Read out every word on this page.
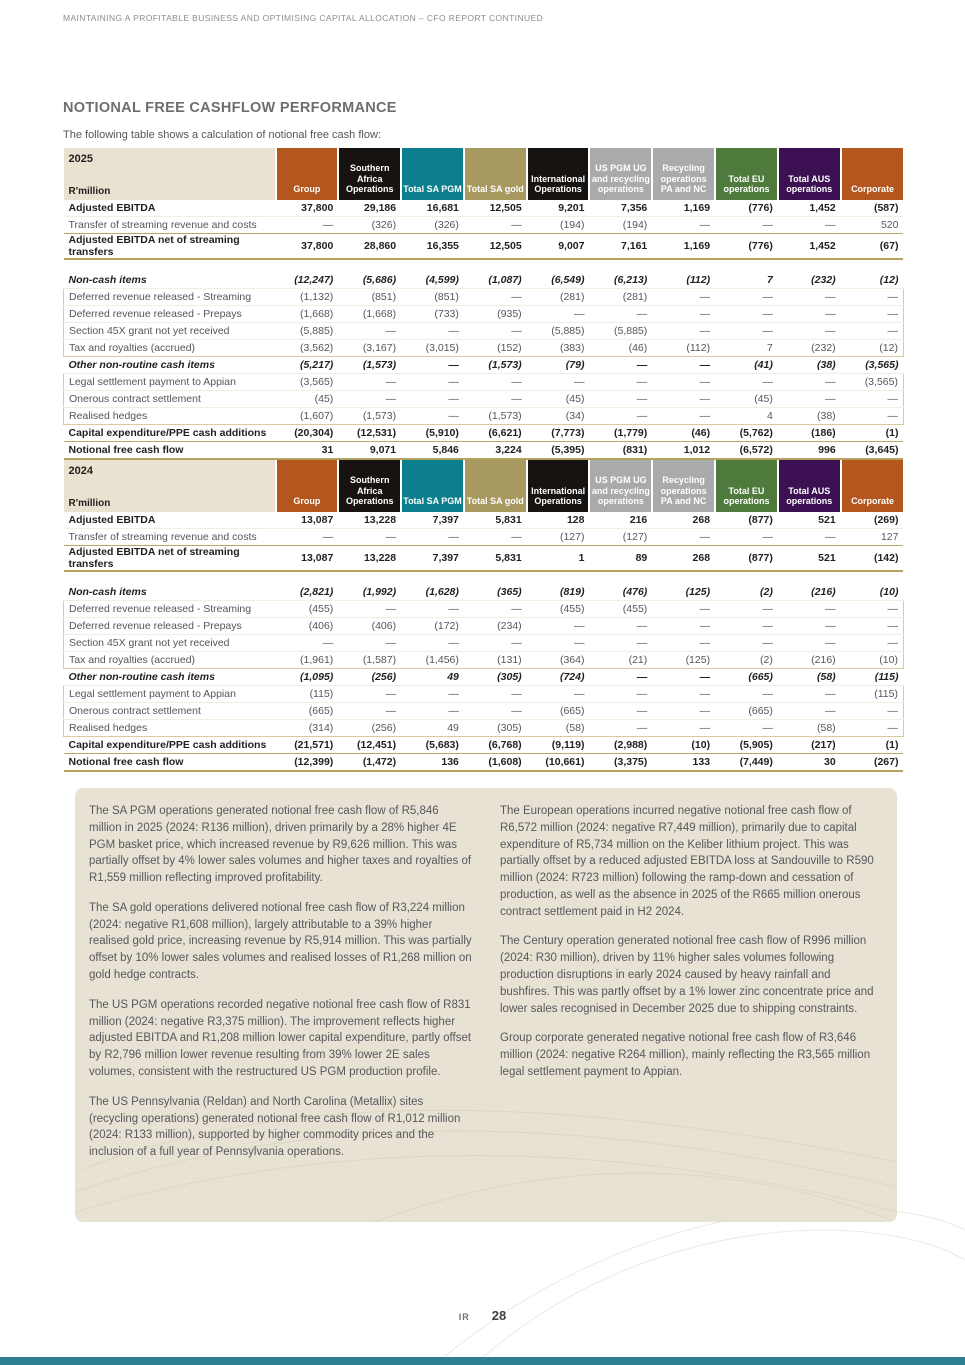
MAINTAINING A PROFITABLE BUSINESS AND OPTIMISING CAPITAL ALLOCATION – CFO REPORT CONTINUED
NOTIONAL FREE CASHFLOW PERFORMANCE
The following table shows a calculation of notional free cash flow:
2025
R'million	Group	Southern Africa Operations	Total SA PGM	Total SA gold	International Operations	US PGM UG and recycling operations	Recycling operations PA and NC	Total EU operations	Total AUS operations	Corporate

Adjusted EBITDA	37,800	29,186	16,681	12,505	9,201	7,356	1,169	(776)	1,452	(587)
Transfer of streaming revenue and costs	—	(326)	(326)	—	(194)	(194)	—	—	—	520
Adjusted EBITDA net of streaming transfers	37,800	28,860	16,355	12,505	9,007	7,161	1,169	(776)	1,452	(67)

Non-cash items	(12,247)	(5,686)	(4,599)	(1,087)	(6,549)	(6,213)	(112)	7	(232)	(12)
Deferred revenue released - Streaming	(1,132)	(851)	(851)	—	(281)	(281)	—	—	—	—
Deferred revenue released - Prepays	(1,668)	(1,668)	(733)	(935)	—	—	—	—	—	—
Section 45X grant not yet received	(5,885)	—	—	—	(5,885)	(5,885)	—	—	—	—
Tax and royalties (accrued)	(3,562)	(3,167)	(3,015)	(152)	(383)	(46)	(112)	7	(232)	(12)
Other non-routine cash items	(5,217)	(1,573)	—	(1,573)	(79)	—	—	(41)	(38)	(3,565)
Legal settlement payment to Appian	(3,565)	—	—	—	—	—	—	—	—	(3,565)
Onerous contract settlement	(45)	—	—	—	(45)	—	—	(45)	—	—
Realised hedges	(1,607)	(1,573)	—	(1,573)	(34)	—	—	4	(38)	—
Capital expenditure/PPE cash additions	(20,304)	(12,531)	(5,910)	(6,621)	(7,773)	(1,779)	(46)	(5,762)	(186)	(1)
Notional free cash flow	31	9,071	5,846	3,224	(5,395)	(831)	1,012	(6,572)	996	(3,645)
2024
R'million	Group	Southern Africa Operations	Total SA PGM	Total SA gold	International Operations	US PGM UG and recycling operations	Recycling operations PA and NC	Total EU operations	Total AUS operations	Corporate

Adjusted EBITDA	13,087	13,228	7,397	5,831	128	216	268	(877)	521	(269)
Transfer of streaming revenue and costs	—	—	—	—	(127)	(127)	—	—	—	127
Adjusted EBITDA net of streaming transfers	13,087	13,228	7,397	5,831	1	89	268	(877)	521	(142)

Non-cash items	(2,821)	(1,992)	(1,628)	(365)	(819)	(476)	(125)	(2)	(216)	(10)
Deferred revenue released - Streaming	(455)	—	—	—	(455)	(455)	—	—	—	—
Deferred revenue released - Prepays	(406)	(406)	(172)	(234)	—	—	—	—	—	—
Section 45X grant not yet received	—	—	—	—	—	—	—	—	—	—
Tax and royalties (accrued)	(1,961)	(1,587)	(1,456)	(131)	(364)	(21)	(125)	(2)	(216)	(10)
Other non-routine cash items	(1,095)	(256)	49	(305)	(724)	—	—	(665)	(58)	(115)
Legal settlement payment to Appian	(115)	—	—	—	—	—	—	—	—	(115)
Onerous contract settlement	(665)	—	—	—	(665)	—	—	(665)	—	—
Realised hedges	(314)	(256)	49	(305)	(58)	—	—	—	(58)	—
Capital expenditure/PPE cash additions	(21,571)	(12,451)	(5,683)	(6,768)	(9,119)	(2,988)	(10)	(5,905)	(217)	(1)
Notional free cash flow	(12,399)	(1,472)	136	(1,608)	(10,661)	(3,375)	133	(7,449)	30	(267)

The SA PGM operations generated notional free cash flow of R5,846 million in 2025 (2024: R136 million), driven primarily by a 28% higher 4E PGM basket price, which increased revenue by R9,626 million. This was partially offset by 4% lower sales volumes and higher taxes and royalties of R1,559 million reflecting improved profitability.

The SA gold operations delivered notional free cash flow of R3,224 million (2024: negative R1,608 million), largely attributable to a 39% higher realised gold price, increasing revenue by R5,914 million. This was partially offset by 10% lower sales volumes and realised losses of R1,268 million on gold hedge contracts.

The US PGM operations recorded negative notional free cash flow of R831 million (2024: negative R3,375 million). The improvement reflects higher adjusted EBITDA and R1,208 million lower capital expenditure, partly offset by R2,796 million lower revenue resulting from 39% lower 2E sales volumes, consistent with the restructured US PGM production profile.

The US Pennsylvania (Reldan) and North Carolina (Metallix) sites (recycling operations) generated notional free cash flow of R1,012 million (2024: R133 million), supported by higher commodity prices and the inclusion of a full year of Pennsylvania operations.

The European operations incurred negative notional free cash flow of R6,572 million (2024: negative R7,449 million), primarily due to capital expenditure of R5,734 million on the Keliber lithium project. This was partially offset by a reduced adjusted EBITDA loss at Sandouville to R590 million (2024: R723 million) following the ramp-down and cessation of production, as well as the absence in 2025 of the R665 million onerous contract settlement paid in H2 2024.

The Century operation generated notional free cash flow of R996 million (2024: R30 million), driven by 11% higher sales volumes following production disruptions in early 2024 caused by heavy rainfall and bushfires. This was partly offset by a 1% lower zinc concentrate price and lower sales recognised in December 2025 due to shipping constraints.

Group corporate generated negative notional free cash flow of R3,646 million (2024: negative R264 million), mainly reflecting the R3,565 million legal settlement payment to Appian.

IR 28
